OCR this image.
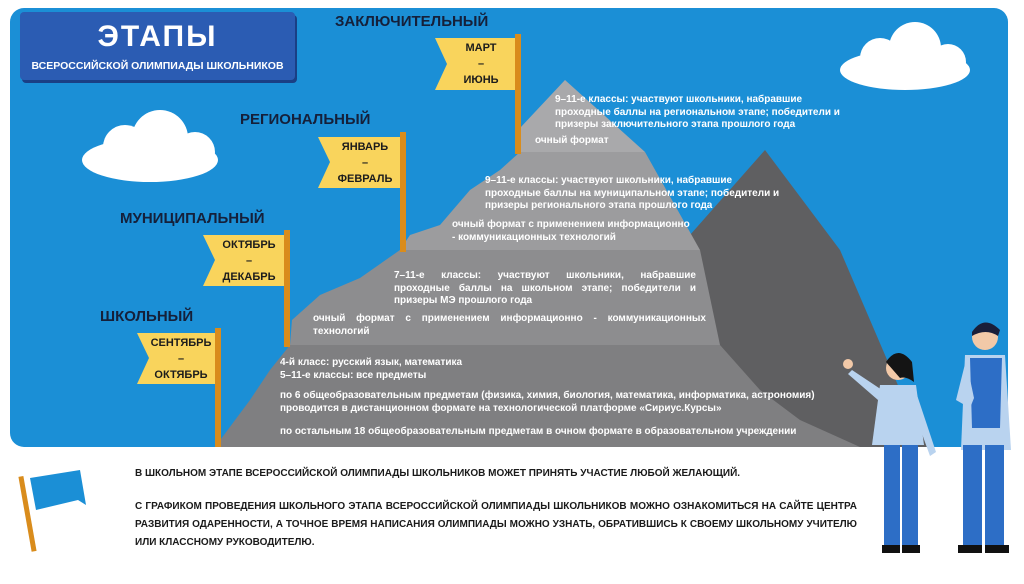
ЭТАПЫ
ВСЕРОССИЙСКОЙ ОЛИМПИАДЫ ШКОЛЬНИКОВ
ЗАКЛЮЧИТЕЛЬНЫЙ
РЕГИОНАЛЬНЫЙ
МУНИЦИПАЛЬНЫЙ
ШКОЛЬНЫЙ
МАРТ
–
ИЮНЬ
ЯНВАРЬ
–
ФЕВРАЛЬ
ОКТЯБРЬ
–
ДЕКАБРЬ
СЕНТЯБРЬ
–
ОКТЯБРЬ
9–11-е классы: участвуют школьники, набравшие проходные баллы на региональном этапе; победители и призеры заключительного этапа прошлого года
очный формат
9–11-е классы: участвуют школьники, набравшие проходные баллы на муниципальном этапе; победители и призеры регионального этапа прошлого года
очный формат с применением информационно - коммуникационных технологий
7–11-е классы: участвуют школьники, набравшие проходные баллы на школьном этапе; победители и призеры МЭ прошлого года
очный формат с применением информационно - коммуникационных технологий
4-й класс: русский язык, математика
5–11-е классы: все предметы
по 6 общеобразовательным предметам (физика, химия, биология, математика, информатика, астрономия) проводится в дистанционном формате на технологической платформе «Сириус.Курсы»
по остальным 18 общеобразовательным предметам в очном формате в образовательном учреждении
В ШКОЛЬНОМ ЭТАПЕ ВСЕРОССИЙСКОЙ ОЛИМПИАДЫ ШКОЛЬНИКОВ МОЖЕТ ПРИНЯТЬ УЧАСТИЕ ЛЮБОЙ ЖЕЛАЮЩИЙ.
С ГРАФИКОМ ПРОВЕДЕНИЯ ШКОЛЬНОГО ЭТАПА ВСЕРОССИЙСКОЙ ОЛИМПИАДЫ ШКОЛЬНИКОВ МОЖНО ОЗНАКОМИТЬСЯ НА САЙТЕ ЦЕНТРА РАЗВИТИЯ ОДАРЕННОСТИ, А ТОЧНОЕ ВРЕМЯ НАПИСАНИЯ ОЛИМПИАДЫ МОЖНО УЗНАТЬ, ОБРАТИВШИСЬ К СВОЕМУ ШКОЛЬНОМУ УЧИТЕЛЮ ИЛИ КЛАССНОМУ РУКОВОДИТЕЛЮ.
